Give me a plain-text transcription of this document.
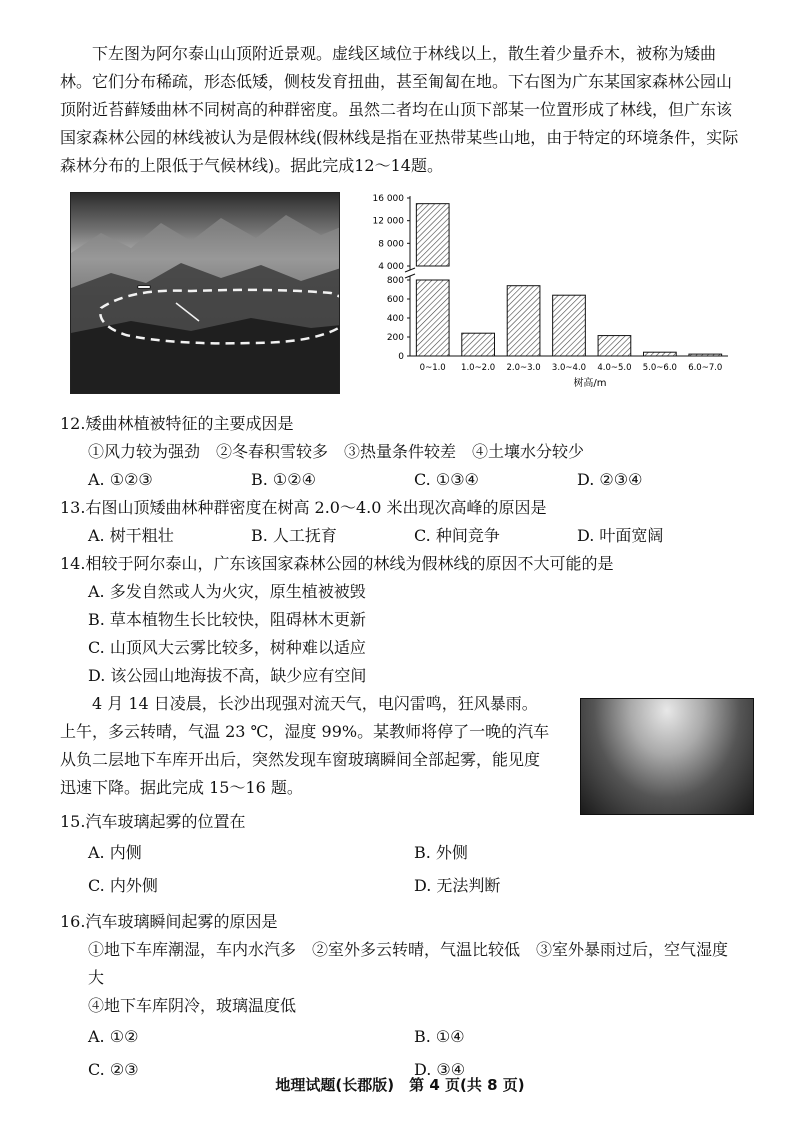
下左图为阿尔泰山山顶附近景观。虚线区域位于林线以上，散生着少量乔木，被称为矮曲林。它们分布稀疏，形态低矮，侧枝发育扭曲，甚至匍匐在地。下右图为广东某国家森林公园山顶附近苔藓矮曲林不同树高的种群密度。虽然二者均在山顶下部某一位置形成了林线，但广东该国家森林公园的林线被认为是假林线(假林线是指在亚热带某些山地，由于特定的环境条件，实际森林分布的上限低于气候林线)。据此完成12～14题。

树高/m
800
600
400
200
0
12 000
16 000
8 000
4 000
0~1.0 1.0~2.0 2.0~3.0 3.0~4.0 4.0~5.0 5.0~6.0 6.0~7.0

12.矮曲林植被特征的主要成因是

①风力较为强劲　②冬春积雪较多　③热量条件较差　④土壤水分较少

A. ①②③	B. ①②④	C. ①③④	D. ②③④

13.右图山顶矮曲林种群密度在树高 2.0～4.0 米出现次高峰的原因是

A. 树干粗壮	B. 人工抚育	C. 种间竞争	D. 叶面宽阔

14.相较于阿尔泰山，广东该国家森林公园的林线为假林线的原因不大可能的是

A. 多发自然或人为火灾，原生植被被毁

B. 草本植物生长比较快，阻碍林木更新

C. 山顶风大云雾比较多，树种难以适应

D. 该公园山地海拔不高，缺少应有空间

4 月 14 日凌晨，长沙出现强对流天气，电闪雷鸣，狂风暴雨。上午，多云转晴，气温 23 ℃，湿度 99%。某教师将停了一晚的汽车从负二层地下车库开出后，突然发现车窗玻璃瞬间全部起雾，能见度迅速下降。据此完成 15～16 题。

15.汽车玻璃起雾的位置在

A. 内侧	B. 外侧
C. 内外侧	D. 无法判断

16.汽车玻璃瞬间起雾的原因是

①地下车库潮湿，车内水汽多　②室外多云转晴，气温比较低　③室外暴雨过后，空气湿度大

④地下车库阴冷，玻璃温度低

A. ①②	B. ①④
C. ②③	D. ③④
地理试题(长郡版)　第 4 页(共 8 页)
